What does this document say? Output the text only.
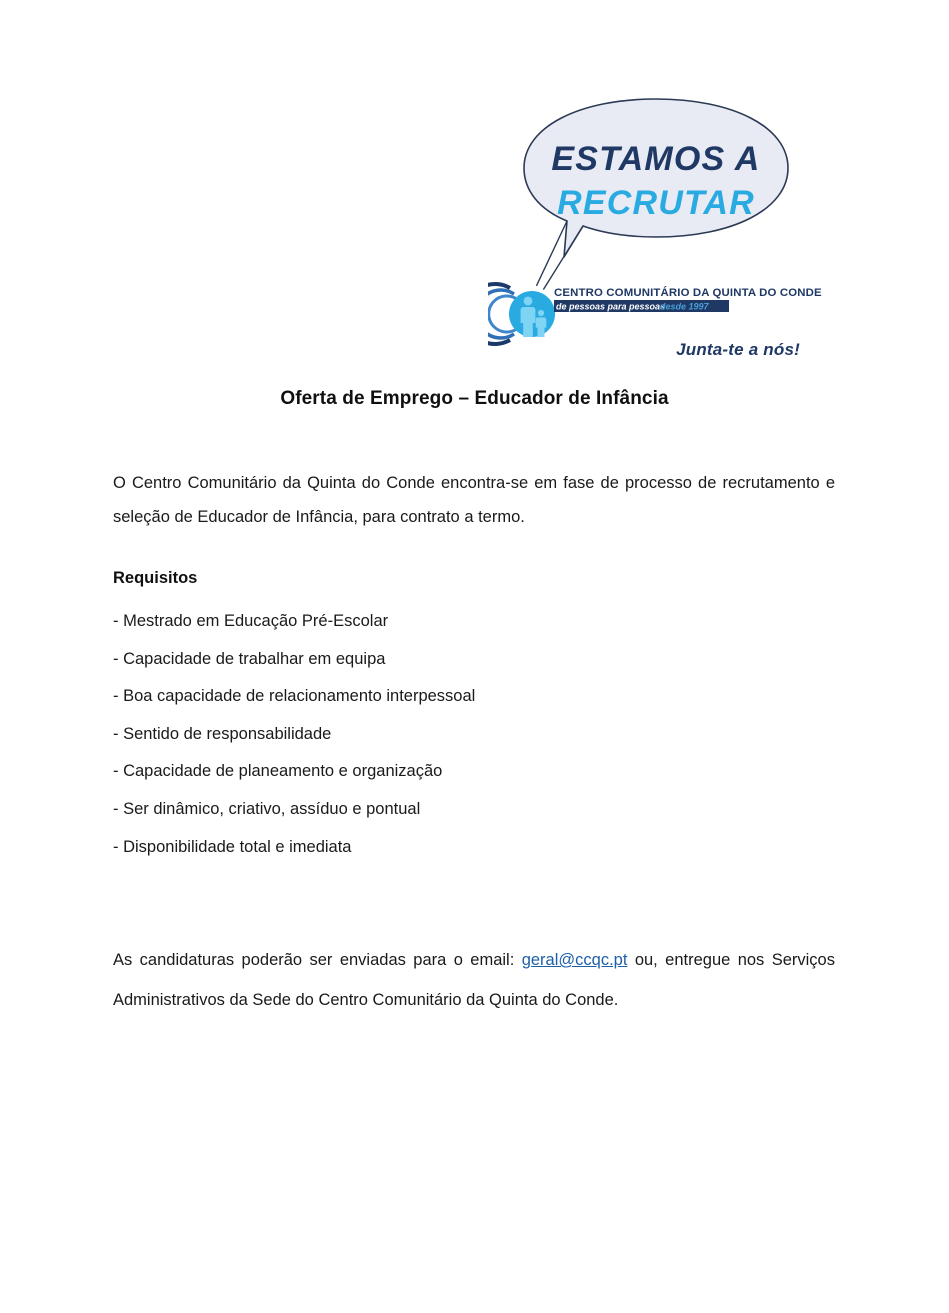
ESTAMOS A
RECRUTAR
CENTRO COMUNITÁRIO DA QUINTA DO CONDE
de pessoas para pessoas
desde 1997
Junta-te a nós!
Oferta de Emprego – Educador de Infância
O Centro Comunitário da Quinta do Conde encontra-se em fase de processo de recrutamento e seleção de Educador de Infância, para contrato a termo.
Requisitos
- Mestrado em Educação Pré-Escolar
- Capacidade de trabalhar em equipa
- Boa capacidade de relacionamento interpessoal
- Sentido de responsabilidade
- Capacidade de planeamento e organização
- Ser dinâmico, criativo, assíduo e pontual
- Disponibilidade total e imediata
As candidaturas poderão ser enviadas para o email: geral@ccqc.pt ou, entregue nos Serviços Administrativos da Sede do Centro Comunitário da Quinta do Conde.
